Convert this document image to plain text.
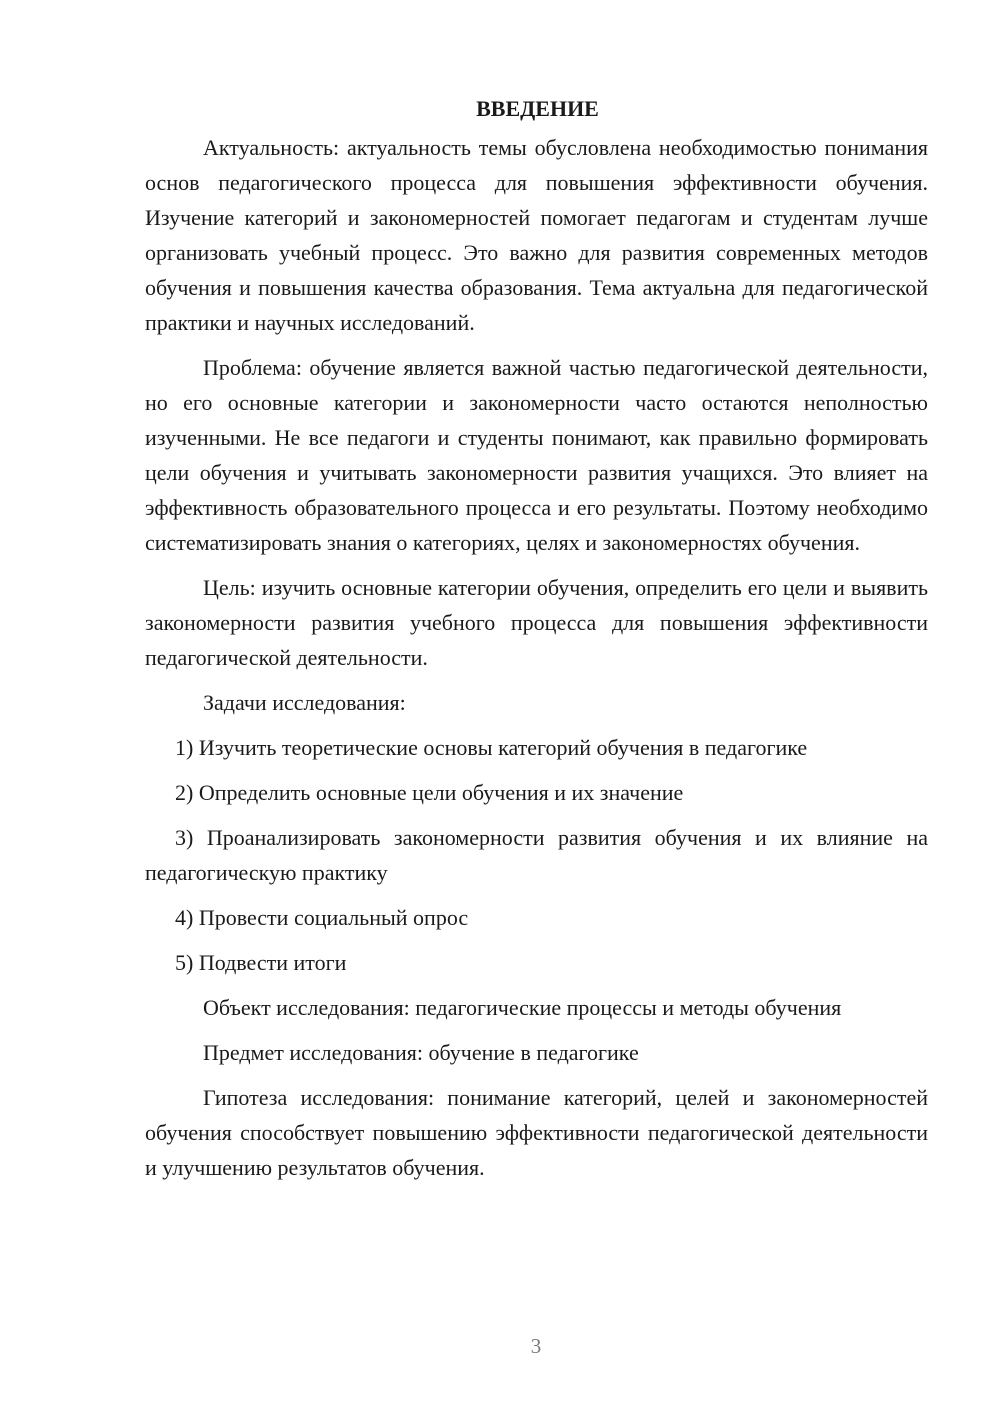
ВВЕДЕНИЕ

Актуальность: актуальность темы обусловлена необходимостью понимания основ педагогического процесса для повышения эффективности обучения. Изучение категорий и закономерностей помогает педагогам и студентам лучше организовать учебный процесс. Это важно для развития современных методов обучения и повышения качества образования. Тема актуальна для педагогической практики и научных исследований.

Проблема: обучение является важной частью педагогической деятельности, но его основные категории и закономерности часто остаются неполностью изученными. Не все педагоги и студенты понимают, как правильно формировать цели обучения и учитывать закономерности развития учащихся. Это влияет на эффективность образовательного процесса и его результаты. Поэтому необходимо систематизировать знания о категориях, целях и закономерностях обучения.

Цель: изучить основные категории обучения, определить его цели и выявить закономерности развития учебного процесса для повышения эффективности педагогической деятельности.

Задачи исследования:

1) Изучить теоретические основы категорий обучения в педагогике

2) Определить основные цели обучения и их значение

3) Проанализировать закономерности развития обучения и их влияние на педагогическую практику

4) Провести социальный опрос

5) Подвести итоги

Объект исследования: педагогические процессы и методы обучения

Предмет исследования: обучение в педагогике

Гипотеза исследования: понимание категорий, целей и закономерностей обучения способствует повышению эффективности педагогической деятельности и улучшению результатов обучения.

3
